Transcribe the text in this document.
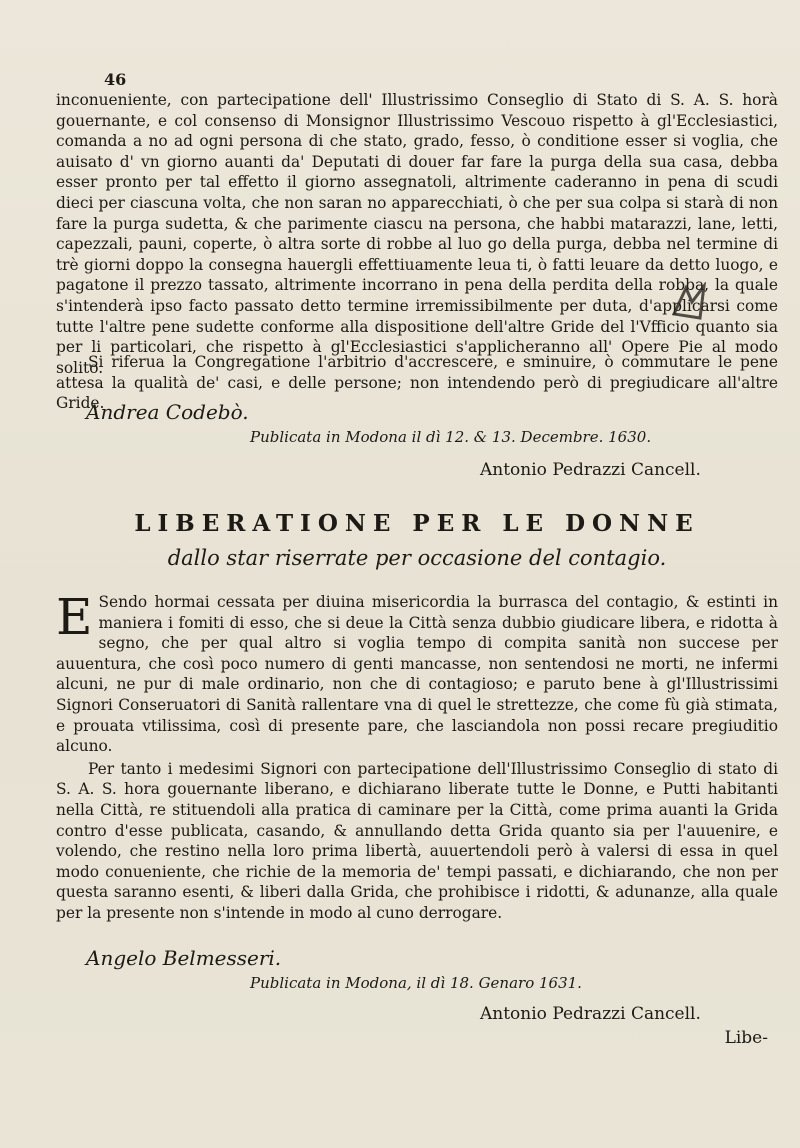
46

inconueniente, con partecipatione dell' Illustrissimo Conseglio di Stato di S. A. S. horà gouernante, e col consenso di Monsignor Illustrissimo Vescouo rispetto à gl'Ecclesiastici, comanda a no ad ogni persona di che stato, grado, fesso, ò conditione esser si voglia, che auisato d' vn giorno auanti da' Deputati di douer far fare la purga della sua casa, debba esser pronto per tal effetto il giorno assegnatoli, altrimente caderanno in pena di scudi dieci per ciascuna volta, che non saran no apparecchiati, ò che per sua colpa si starà di non fare la purga sudetta, & che parimente ciascu na persona, che habbi matarazzi, lane, letti, capezzali, pauni, coperte, ò altra sorte di robbe al luo go della purga, debba nel termine di trè giorni doppo la consegna hauergli effettiuamente leua ti, ò fatti leuare da detto luogo, e pagatone il prezzo tassato, altrimente incorrano in pena della perdita della robba, la quale s'intenderà ipso facto passato detto termine irremissibilmente per duta, d'applicarsi come tutte l'altre pene sudette conforme alla dispositione dell'altre Gride del l'Vfficio quanto sia per li particolari, che rispetto à gl'Ecclesiastici s'applicheranno all' Opere Pie al modo solito.

Si riferua la Congregatione l'arbitrio d'accrescere, e sminuire, ò commutare le pene attesa la qualità de' casi, e delle persone; non intendendo però di pregiudicare all'altre Gride.

Andrea Codebò.
Publicata in Modona il dì 12. & 13. Decembre. 1630.
Antonio Pedrazzi Cancell.
LIBERATIONE PER LE DONNE
dallo star riserrate per occasione del contagio.

E Sendo hormai cessata per diuina misericordia la burrasca del contagio, & estinti in maniera i fomiti di esso, che si deue la Città senza dubbio giudicare libera, e ridotta à segno, che per qual altro si voglia tempo di compita sanità non succese per auuentura, che così poco numero di genti mancasse, non sentendosi ne morti, ne infermi alcuni, ne pur di male ordinario, non che di contagioso; e paruto bene à gl'Illustrissimi Signori Conseruatori di Sanità rallentare vna di quel le strettezze, che come fù già stimata, e prouata vtilissima, così di presente pare, che lasciandola non possi recare pregiuditio alcuno.

Per tanto i medesimi Signori con partecipatione dell'Illustrissimo Conseglio di stato di S. A. S. hora gouernante liberano, e dichiarano liberate tutte le Donne, e Putti habitanti nella Città, re stituendoli alla pratica di caminare per la Città, come prima auanti la Grida contro d'esse publicata, casando, & annullando detta Grida quanto sia per l'auuenire, e volendo, che restino nella loro prima libertà, auuertendoli però à valersi di essa in quel modo conueniente, che richie de la memoria de' tempi passati, e dichiarando, che non per questa saranno esenti, & liberi dalla Grida, che prohibisce i ridotti, & adunanze, alla quale per la presente non s'intende in modo al cuno derrogare.

Angelo Belmesseri.
Publicata in Modona, il dì 18. Genaro 1631.
Antonio Pedrazzi Cancell.
Libe-
